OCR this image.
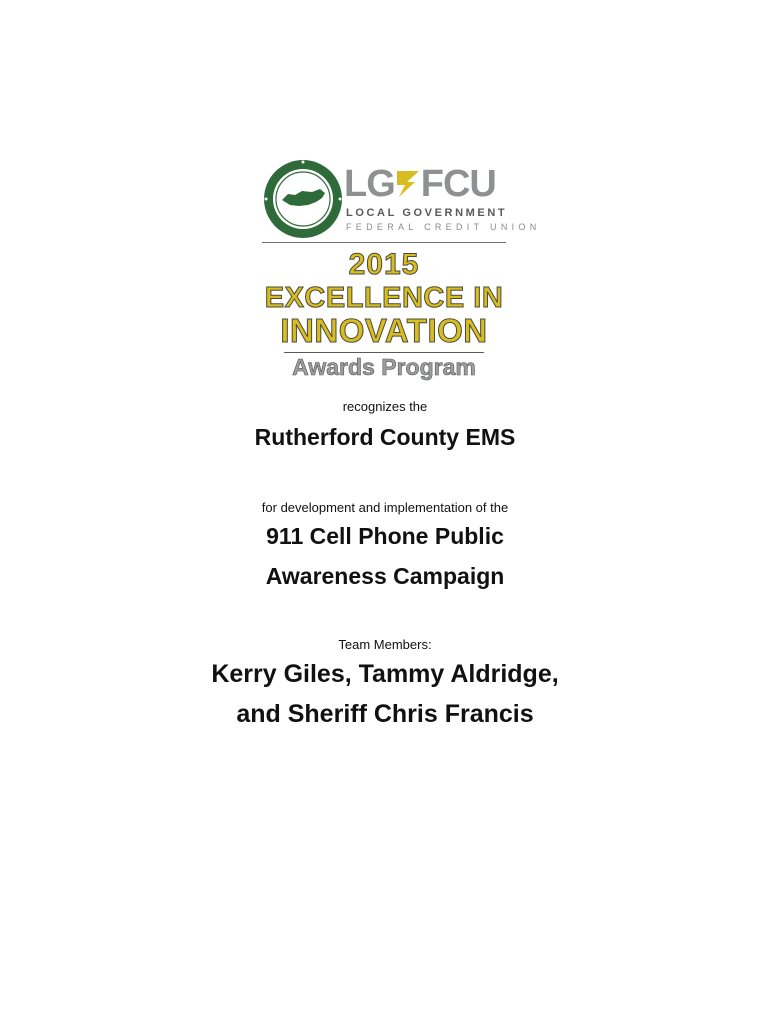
LG FCU
LOCAL GOVERNMENT
FEDERAL CREDIT UNION
2015
EXCELLENCE IN
INNOVATION
Awards Program
recognizes the
Rutherford County EMS
for development and implementation of the
911 Cell Phone Public
Awareness Campaign
Team Members:
Kerry Giles, Tammy Aldridge,
and Sheriff Chris Francis
